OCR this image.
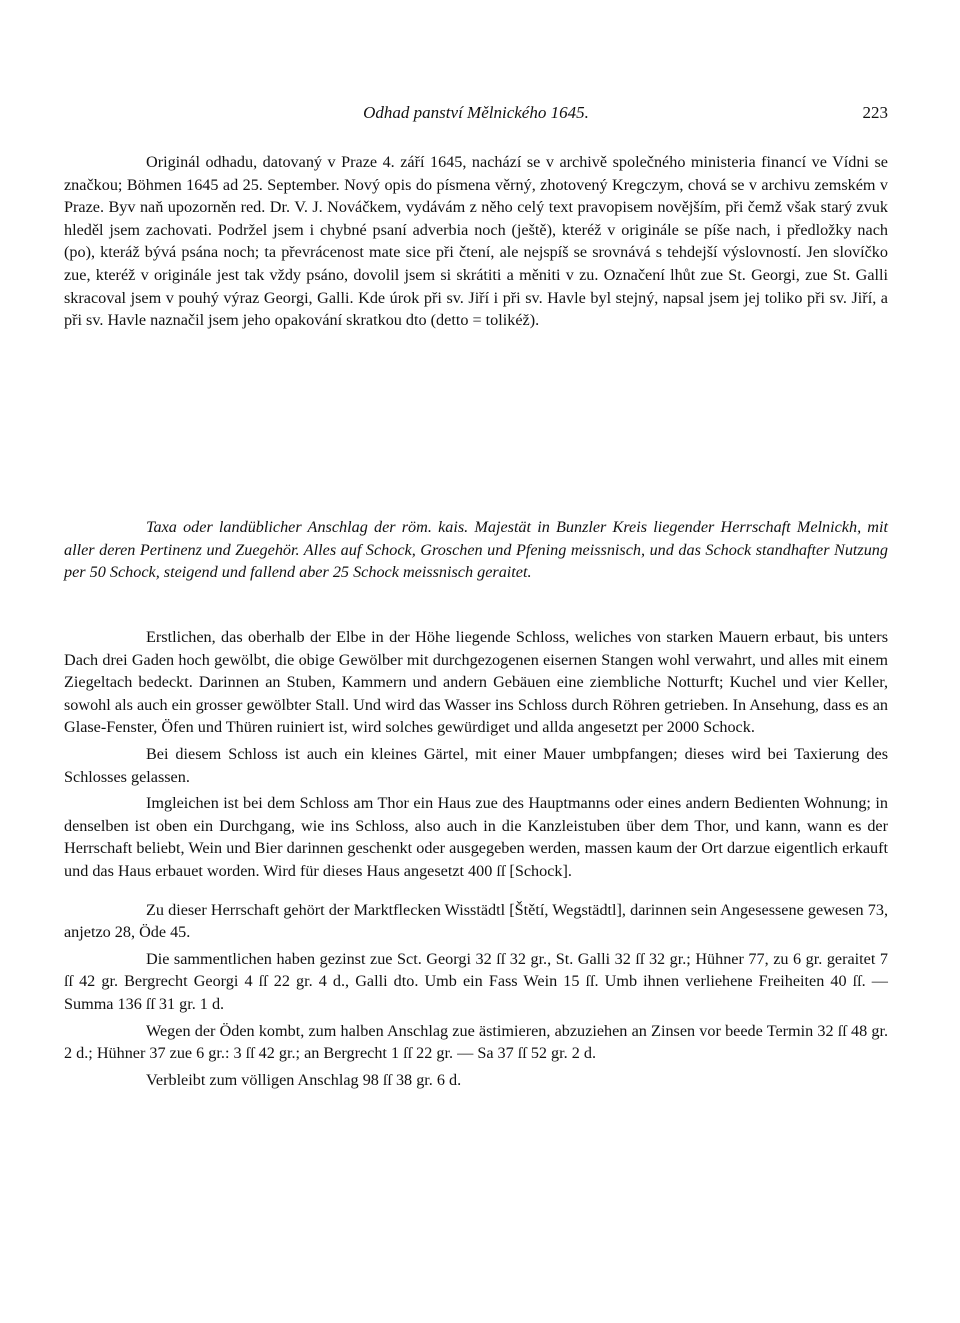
Odhad panství Mělnického 1645.	223

Originál odhadu, datovaný v Praze 4. září 1645, nachází se v archivě společného ministeria financí ve Vídni se značkou; Böhmen 1645 ad 25. September. Nový opis do písmena věrný, zhotovený Kregczym, chová se v archivu zemském v Praze. Byv naň upozorněn red. Dr. V. J. Nováčkem, vydávám z něho celý text pravopisem novějším, při čemž však starý zvuk hleděl jsem zachovati. Podržel jsem i chybné psaní adverbia noch (ještě), kteréž v originále se píše nach, i předložky nach (po), kteráž bývá psána noch; ta převrácenost mate sice při čtení, ale nejspíš se srovnává s tehdejší výslovností. Jen slovíčko zue, kteréž v originále jest tak vždy psáno, dovolil jsem si skrátiti a měniti v zu. Označení lhůt zue St. Georgi, zue St. Galli skracoval jsem v pouhý výraz Georgi, Galli. Kde úrok při sv. Jiří i při sv. Havle byl stejný, napsal jsem jej toliko při sv. Jiří, a při sv. Havle naznačil jsem jeho opakování skratkou dto (detto = tolikéž).

Taxa oder landüblicher Anschlag der röm. kais. Majestät in Bunzler Kreis liegender Herrschaft Melnickh, mit aller deren Pertinenz und Zuegehör. Alles auf Schock, Groschen und Pfening meissnisch, und das Schock standhafter Nutzung per 50 Schock, steigend und fallend aber 25 Schock meissnisch geraitet.

Erstlichen, das oberhalb der Elbe in der Höhe liegende Schloss, weliches von starken Mauern erbaut, bis unters Dach drei Gaden hoch gewölbt, die obige Gewölber mit durchgezogenen eisernen Stangen wohl verwahrt, und alles mit einem Ziegeltach bedeckt. Darinnen an Stuben, Kammern und andern Gebäuen eine ziembliche Notturft; Kuchel und vier Keller, sowohl als auch ein grosser gewölbter Stall. Und wird das Wasser ins Schloss durch Röhren getrieben. In Ansehung, dass es an Glase-Fenster, Öfen und Thüren ruiniert ist, wird solches gewürdiget und allda angesetzt per 2000 Schock.

Bei diesem Schloss ist auch ein kleines Gärtel, mit einer Mauer umbpfangen; dieses wird bei Taxierung des Schlosses gelassen.

Imgleichen ist bei dem Schloss am Thor ein Haus zue des Hauptmanns oder eines andern Bedienten Wohnung; in denselben ist oben ein Durchgang, wie ins Schloss, also auch in die Kanzleistuben über dem Thor, und kann, wann es der Herrschaft beliebt, Wein und Bier darinnen geschenkt oder ausgegeben werden, massen kaum der Ort darzue eigentlich erkauft und das Haus erbauet worden. Wird für dieses Haus angesetzt 400 ſſ [Schock].

Zu dieser Herrschaft gehört der Marktflecken Wisstädtl [Štětí, Wegstädtl], darinnen sein Angesessene gewesen 73, anjetzo 28, Öde 45.

Die sammentlichen haben gezinst zue Sct. Georgi 32 ſſ 32 gr., St. Galli 32 ſſ 32 gr.; Hühner 77, zu 6 gr. geraitet 7 ſſ 42 gr. Bergrecht Georgi 4 ſſ 22 gr. 4 d., Galli dto. Umb ein Fass Wein 15 ſſ. Umb ihnen verliehene Freiheiten 40 ſſ. — Summa 136 ſſ 31 gr. 1 d.

Wegen der Öden kombt, zum halben Anschlag zue ästimieren, abzuziehen an Zinsen vor beede Termin 32 ſſ 48 gr. 2 d.; Hühner 37 zue 6 gr.: 3 ſſ 42 gr.; an Bergrecht 1 ſſ 22 gr. — Sa 37 ſſ 52 gr. 2 d.

Verbleibt zum völligen Anschlag 98 ſſ 38 gr. 6 d.
